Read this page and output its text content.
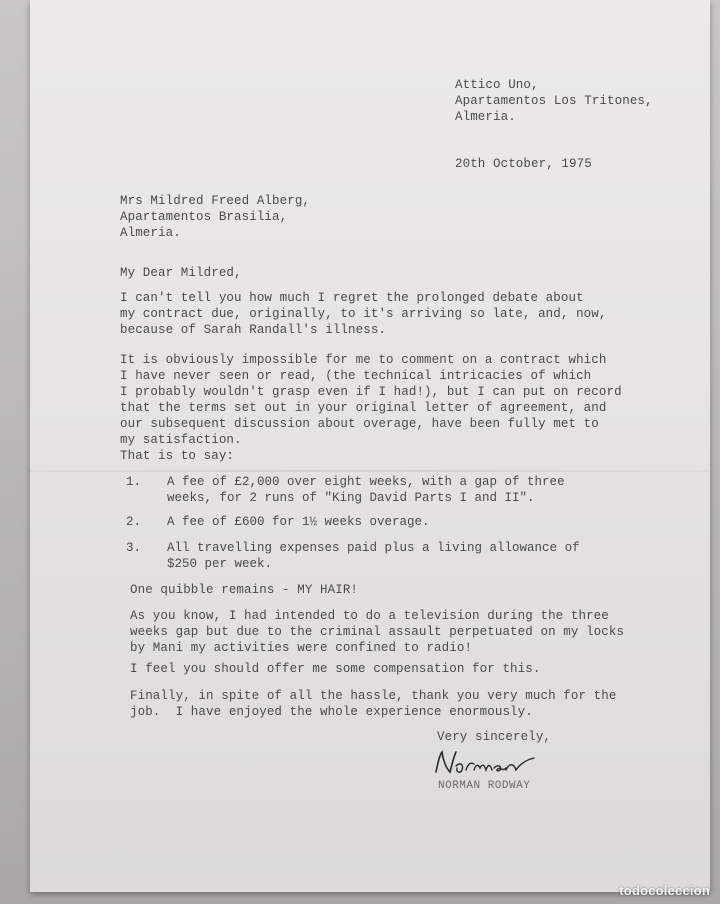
Attico Uno,
Apartamentos Los Tritones,
Almeria.
20th October, 1975
Mrs Mildred Freed Alberg,
Apartamentos Brasilia,
Almeria.
My Dear Mildred,
I can't tell you how much I regret the prolonged debate about
my contract due, originally, to it's arriving so late, and, now,
because of Sarah Randall's illness.
It is obviously impossible for me to comment on a contract which
I have never seen or read, (the technical intricacies of which
I probably wouldn't grasp even if I had!), but I can put on record
that the terms set out in your original letter of agreement, and
our subsequent discussion about overage, have been fully met to
my satisfaction.
That is to say:
1. A fee of £2,000 over eight weeks, with a gap of three
weeks, for 2 runs of "King David Parts I and II".
2. A fee of £600 for 1½ weeks overage.
3. All travelling expenses paid plus a living allowance of
$250 per week.
One quibble remains - MY HAIR!
As you know, I had intended to do a television during the three
weeks gap but due to the criminal assault perpetuated on my locks
by Mani my activities were confined to radio!
I feel you should offer me some compensation for this.
Finally, in spite of all the hassle, thank you very much for the
job.  I have enjoyed the whole experience enormously.
Very sincerely,
NORMAN RODWAY
todocoleccion
